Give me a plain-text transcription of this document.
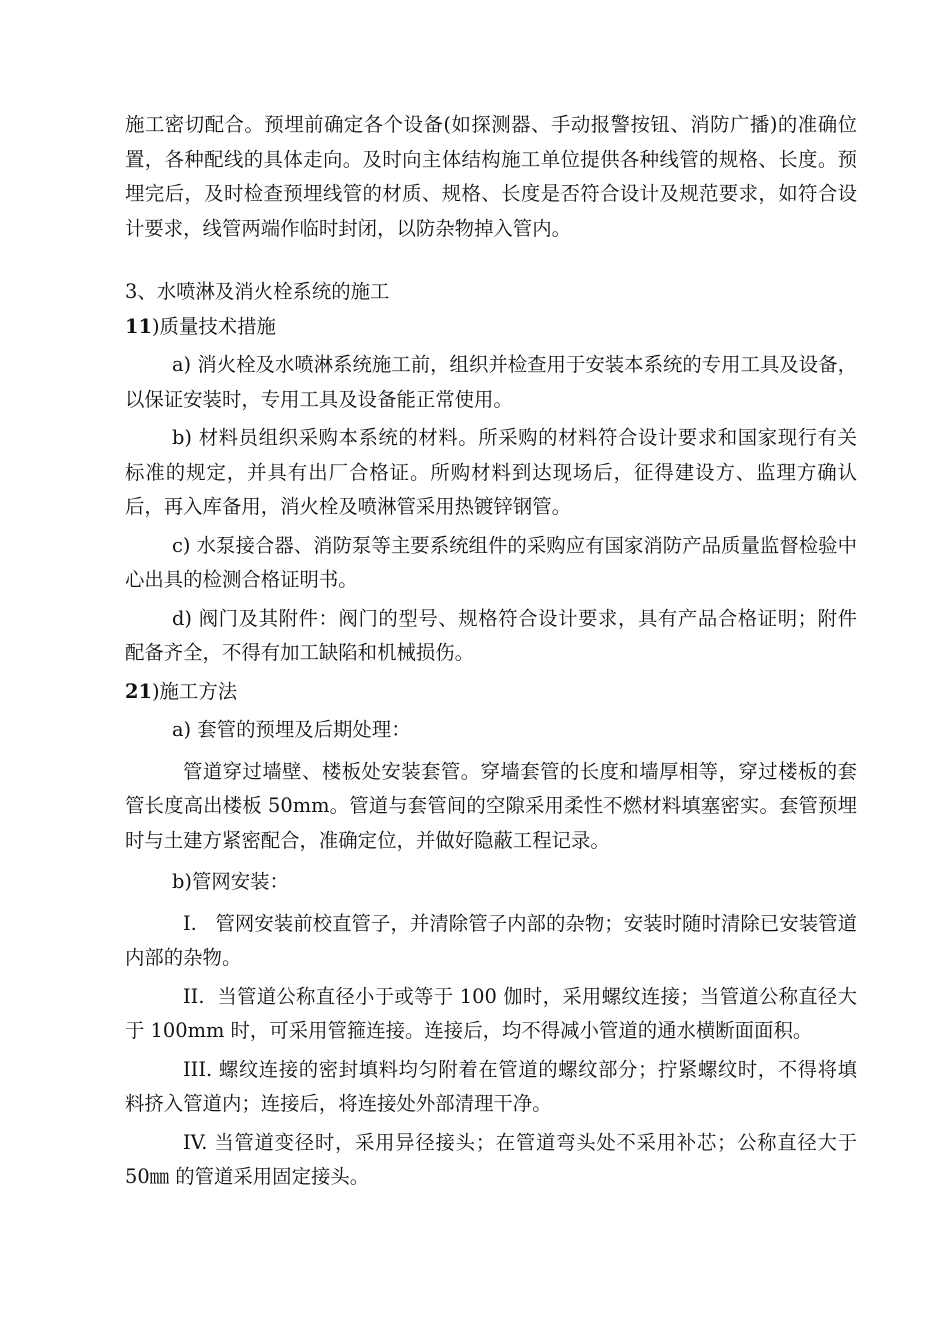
施工密切配合。预埋前确定各个设备(如探测器、手动报警按钮、消防广播)的准确位置，各种配线的具体走向。及时向主体结构施工单位提供各种线管的规格、长度。预埋完后，及时检查预埋线管的材质、规格、长度是否符合设计及规范要求，如符合设计要求，线管两端作临时封闭，以防杂物掉入管内。

3、水喷淋及消火栓系统的施工

11)质量技术措施

a) 消火栓及水喷淋系统施工前，组织并检查用于安装本系统的专用工具及设备，以保证安装时，专用工具及设备能正常使用。

b) 材料员组织采购本系统的材料。所采购的材料符合设计要求和国家现行有关标准的规定，并具有出厂合格证。所购材料到达现场后，征得建设方、监理方确认后，再入库备用，消火栓及喷淋管采用热镀锌钢管。

c) 水泵接合器、消防泵等主要系统组件的采购应有国家消防产品质量监督检验中心出具的检测合格证明书。

d) 阀门及其附件：阀门的型号、规格符合设计要求，具有产品合格证明；附件配备齐全，不得有加工缺陷和机械损伤。

21)施工方法

a) 套管的预埋及后期处理：

管道穿过墙壁、楼板处安装套管。穿墙套管的长度和墙厚相等，穿过楼板的套管长度高出楼板 50mm。管道与套管间的空隙采用柔性不燃材料填塞密实。套管预埋时与土建方紧密配合，准确定位，并做好隐蔽工程记录。

b)管网安装：

I.   管网安装前校直管子，并清除管子内部的杂物；安装时随时清除已安装管道内部的杂物。

II.  当管道公称直径小于或等于 100 伽时，采用螺纹连接；当管道公称直径大于 100mm 时，可采用管箍连接。连接后，均不得减小管道的通水横断面面积。

III. 螺纹连接的密封填料均匀附着在管道的螺纹部分；拧紧螺纹时，不得将填料挤入管道内；连接后，将连接处外部清理干净。

IV. 当管道变径时，采用异径接头；在管道弯头处不采用补芯；公称直径大于 50㎜ 的管道采用固定接头。
